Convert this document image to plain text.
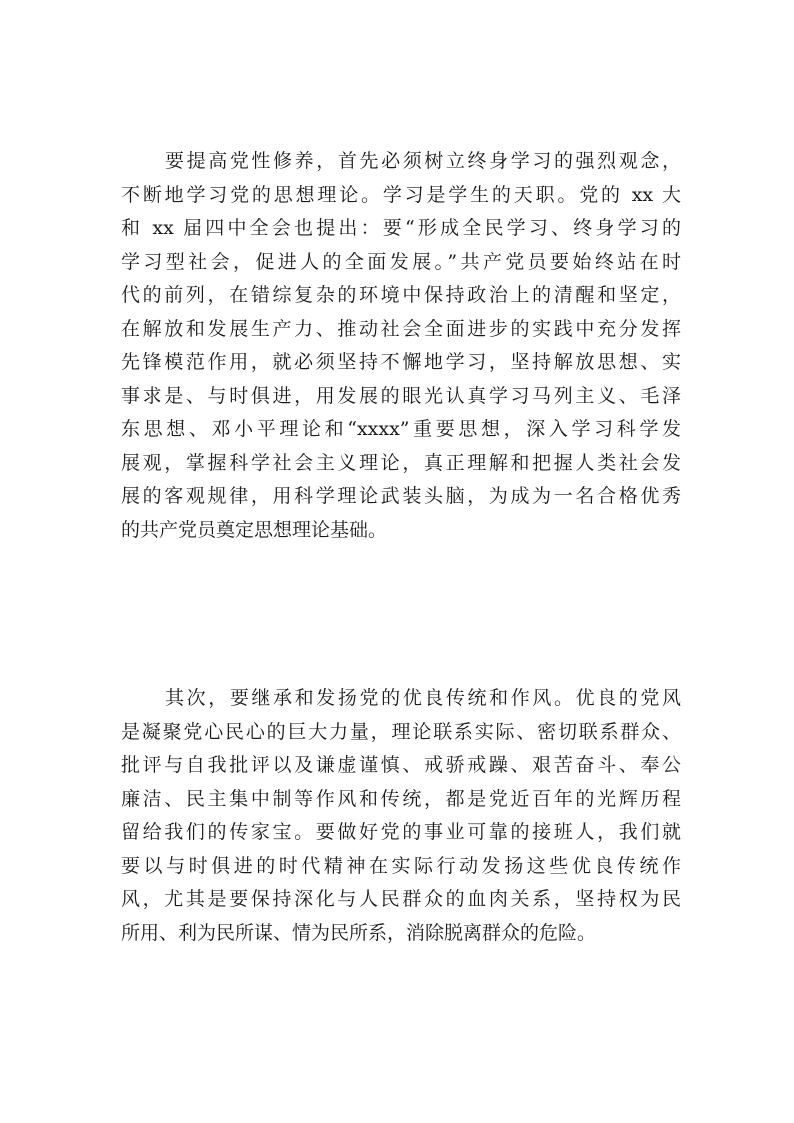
要提高党性修养，首先必须树立终身学习的强烈观念，
不断地学习党的思想理论。学习是学生的天职。党的 xx 大
和 xx 届四中全会也提出：要“形成全民学习、终身学习的
学习型社会，促进人的全面发展。”共产党员要始终站在时
代的前列，在错综复杂的环境中保持政治上的清醒和坚定，
在解放和发展生产力、推动社会全面进步的实践中充分发挥
先锋模范作用，就必须坚持不懈地学习，坚持解放思想、实
事求是、与时俱进，用发展的眼光认真学习马列主义、毛泽
东思想、邓小平理论和“xxxx”重要思想，深入学习科学发
展观，掌握科学社会主义理论，真正理解和把握人类社会发
展的客观规律，用科学理论武装头脑，为成为一名合格优秀
的共产党员奠定思想理论基础。
其次，要继承和发扬党的优良传统和作风。优良的党风
是凝聚党心民心的巨大力量，理论联系实际、密切联系群众、
批评与自我批评以及谦虚谨慎、戒骄戒躁、艰苦奋斗、奉公
廉洁、民主集中制等作风和传统，都是党近百年的光辉历程
留给我们的传家宝。要做好党的事业可靠的接班人，我们就
要以与时俱进的时代精神在实际行动发扬这些优良传统作
风，尤其是要保持深化与人民群众的血肉关系，坚持权为民
所用、利为民所谋、情为民所系，消除脱离群众的危险。
